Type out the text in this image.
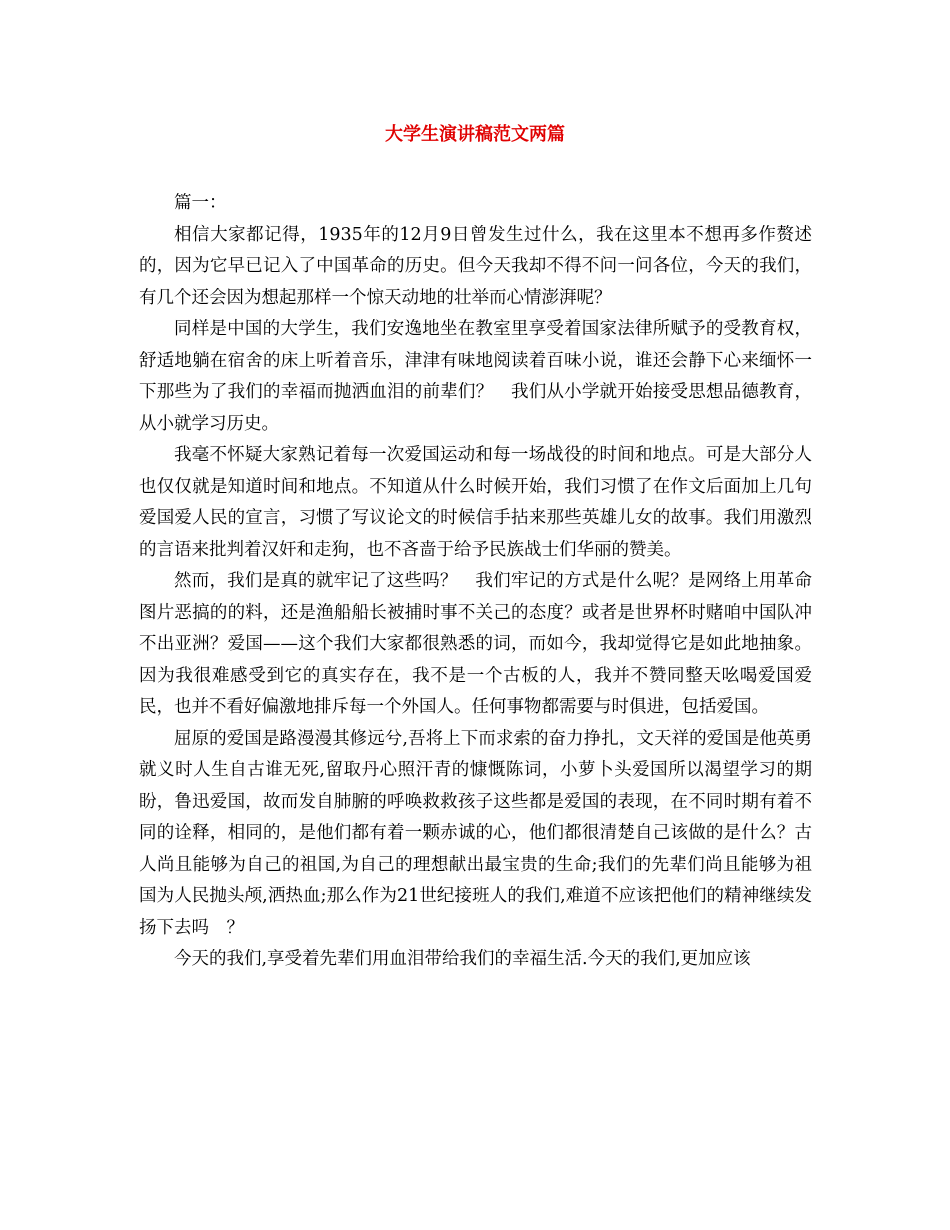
大学生演讲稿范文两篇

篇一：

相信大家都记得，1935年的12月9日曾发生过什么，我在这里本不想再多作赘述的，因为它早已记入了中国革命的历史。但今天我却不得不问一问各位，今天的我们，有几个还会因为想起那样一个惊天动地的壮举而心情澎湃呢？

同样是中国的大学生，我们安逸地坐在教室里享受着国家法律所赋予的受教育权，舒适地躺在宿舍的床上听着音乐，津津有味地阅读着百味小说，谁还会静下心来缅怀一下那些为了我们的幸福而抛洒血泪的前辈们？　我们从小学就开始接受思想品德教育，从小就学习历史。

我毫不怀疑大家熟记着每一次爱国运动和每一场战役的时间和地点。可是大部分人也仅仅就是知道时间和地点。不知道从什么时候开始，我们习惯了在作文后面加上几句爱国爱人民的宣言，习惯了写议论文的时候信手拈来那些英雄儿女的故事。我们用激烈的言语来批判着汉奸和走狗，也不吝啬于给予民族战士们华丽的赞美。

然而，我们是真的就牢记了这些吗？　我们牢记的方式是什么呢？是网络上用革命图片恶搞的的料，还是渔船船长被捕时事不关己的态度？或者是世界杯时赌咱中国队冲不出亚洲？爱国——这个我们大家都很熟悉的词，而如今，我却觉得它是如此地抽象。因为我很难感受到它的真实存在，我不是一个古板的人，我并不赞同整天吆喝爱国爱民，也并不看好偏激地排斥每一个外国人。任何事物都需要与时俱进，包括爱国。

屈原的爱国是路漫漫其修远兮,吾将上下而求索的奋力挣扎，文天祥的爱国是他英勇就义时人生自古谁无死,留取丹心照汗青的慷慨陈词，小萝卜头爱国所以渴望学习的期盼，鲁迅爱国，故而发自肺腑的呼唤救救孩子这些都是爱国的表现，在不同时期有着不同的诠释，相同的，是他们都有着一颗赤诚的心，他们都很清楚自己该做的是什么？古人尚且能够为自己的祖国,为自己的理想献出最宝贵的生命;我们的先辈们尚且能够为祖国为人民抛头颅,洒热血;那么作为21世纪接班人的我们,难道不应该把他们的精神继续发扬下去吗　？

今天的我们,享受着先辈们用血泪带给我们的幸福生活.今天的我们,更加应该
